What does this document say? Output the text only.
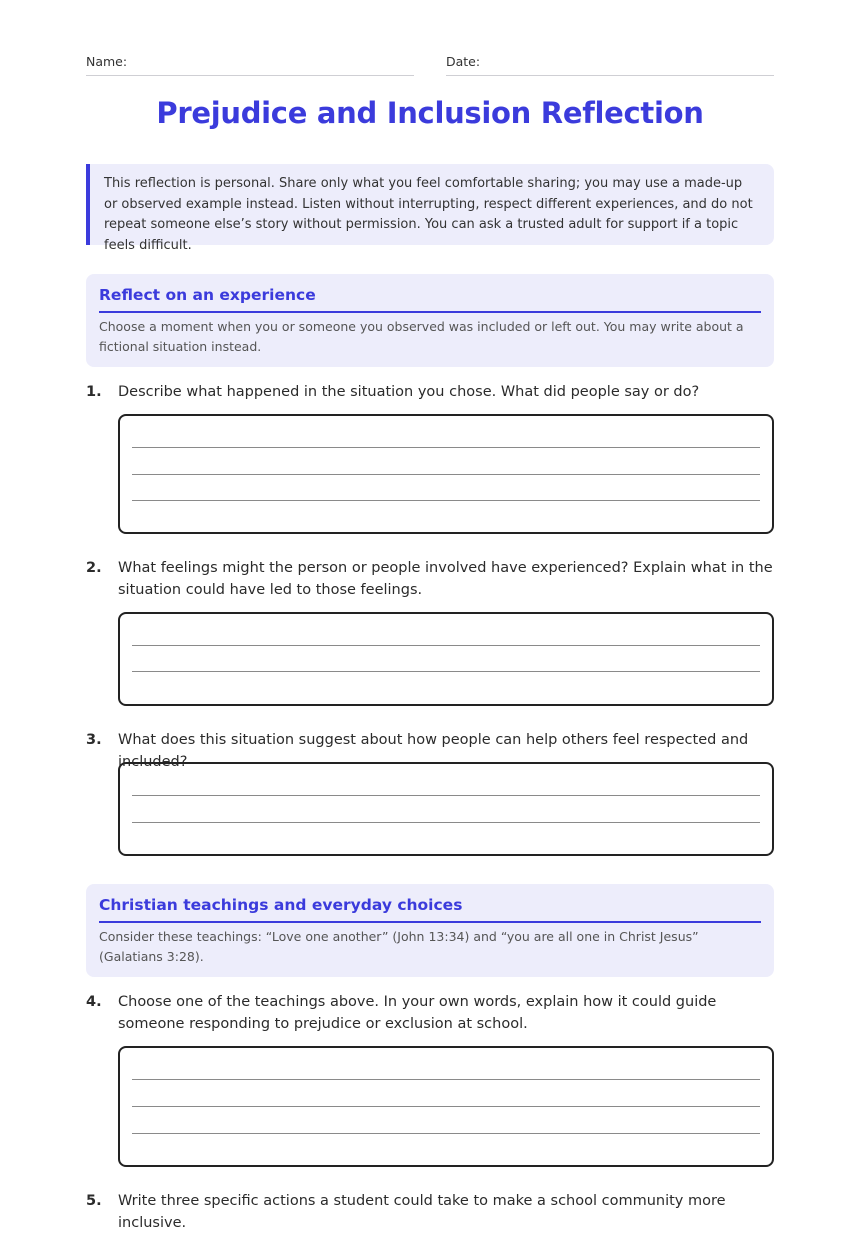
Name:	Date:
Prejudice and Inclusion Reflection
This reflection is personal. Share only what you feel comfortable sharing; you may use a made-up or observed example instead. Listen without interrupting, respect different experiences, and do not repeat someone else’s story without permission. You can ask a trusted adult for support if a topic feels difficult.
Reflect on an experience
Choose a moment when you or someone you observed was included or left out. You may write about a fictional situation instead.
1. Describe what happened in the situation you chose. What did people say or do?
2. What feelings might the person or people involved have experienced? Explain what in the situation could have led to those feelings.
3. What does this situation suggest about how people can help others feel respected and included?
Christian teachings and everyday choices
Consider these teachings: “Love one another” (John 13:34) and “you are all one in Christ Jesus” (Galatians 3:28).
4. Choose one of the teachings above. In your own words, explain how it could guide someone responding to prejudice or exclusion at school.
5. Write three specific actions a student could take to make a school community more inclusive.
